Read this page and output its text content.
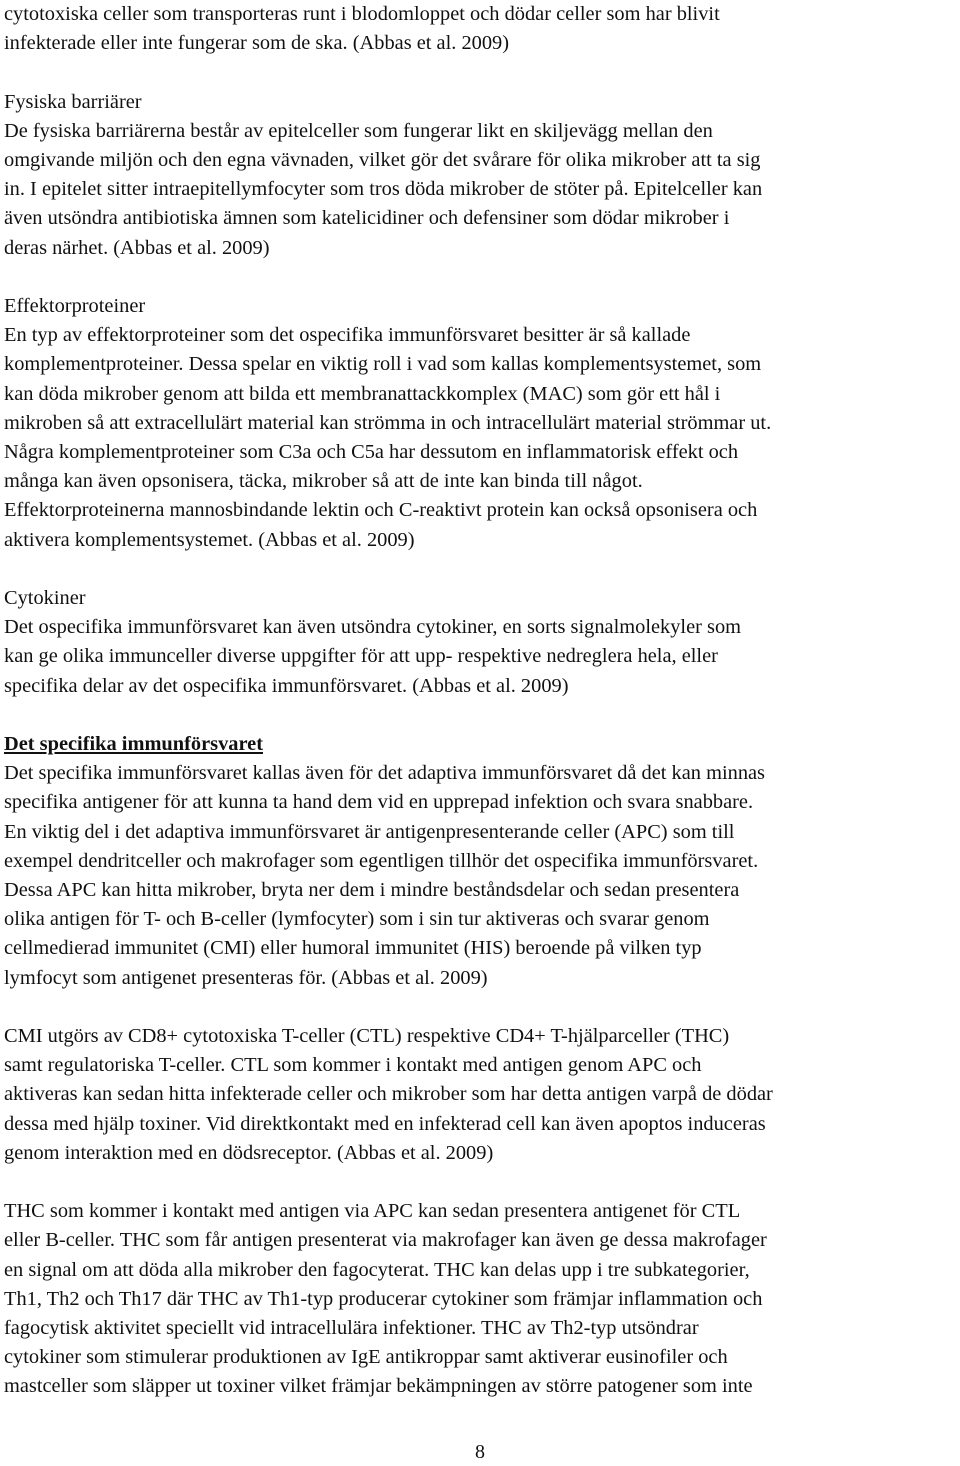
cytotoxiska celler som transporteras runt i blodomloppet och dödar celler som har blivit
infekterade eller inte fungerar som de ska. (Abbas et al. 2009)
Fysiska barriärer
De fysiska barriärerna består av epitelceller som fungerar likt en skiljevägg mellan den
omgivande miljön och den egna vävnaden, vilket gör det svårare för olika mikrober att ta sig
in. I epitelet sitter intraepitellymfocyter som tros döda mikrober de stöter på. Epitelceller kan
även utsöndra antibiotiska ämnen som katelicidiner och defensiner som dödar mikrober i
deras närhet. (Abbas et al. 2009)
Effektorproteiner
En typ av effektorproteiner som det ospecifika immunförsvaret besitter är så kallade
komplementproteiner. Dessa spelar en viktig roll i vad som kallas komplementsystemet, som
kan döda mikrober genom att bilda ett membranattackkomplex (MAC) som gör ett hål i
mikroben så att extracellulärt material kan strömma in och intracellulärt material strömmar ut.
Några komplementproteiner som C3a och C5a har dessutom en inflammatorisk effekt och
många kan även opsonisera, täcka, mikrober så att de inte kan binda till något.
Effektorproteinerna mannosbindande lektin och C-reaktivt protein kan också opsonisera och
aktivera komplementsystemet. (Abbas et al. 2009)
Cytokiner
Det ospecifika immunförsvaret kan även utsöndra cytokiner, en sorts signalmolekyler som
kan ge olika immunceller diverse uppgifter för att upp- respektive nedreglera hela, eller
specifika delar av det ospecifika immunförsvaret. (Abbas et al. 2009)
Det specifika immunförsvaret
Det specifika immunförsvaret kallas även för det adaptiva immunförsvaret då det kan minnas
specifika antigener för att kunna ta hand dem vid en upprepad infektion och svara snabbare.
En viktig del i det adaptiva immunförsvaret är antigenpresenterande celler (APC) som till
exempel dendritceller och makrofager som egentligen tillhör det ospecifika immunförsvaret.
Dessa APC kan hitta mikrober, bryta ner dem i mindre beståndsdelar och sedan presentera
olika antigen för T- och B-celler (lymfocyter) som i sin tur aktiveras och svarar genom
cellmedierad immunitet (CMI) eller humoral immunitet (HIS) beroende på vilken typ
lymfocyt som antigenet presenteras för. (Abbas et al. 2009)
CMI utgörs av CD8+ cytotoxiska T-celler (CTL) respektive CD4+ T-hjälparceller (THC)
samt regulatoriska T-celler. CTL som kommer i kontakt med antigen genom APC och
aktiveras kan sedan hitta infekterade celler och mikrober som har detta antigen varpå de dödar
dessa med hjälp toxiner. Vid direktkontakt med en infekterad cell kan även apoptos induceras
genom interaktion med en dödsreceptor. (Abbas et al. 2009)
THC som kommer i kontakt med antigen via APC kan sedan presentera antigenet för CTL
eller B-celler. THC som får antigen presenterat via makrofager kan även ge dessa makrofager
en signal om att döda alla mikrober den fagocyterat. THC kan delas upp i tre subkategorier,
Th1, Th2 och Th17 där THC av Th1-typ producerar cytokiner som främjar inflammation och
fagocytisk aktivitet speciellt vid intracellulära infektioner. THC av Th2-typ utsöndrar
cytokiner som stimulerar produktionen av IgE antikroppar samt aktiverar eusinofiler och
mastceller som släpper ut toxiner vilket främjar bekämpningen av större patogener som inte
8
